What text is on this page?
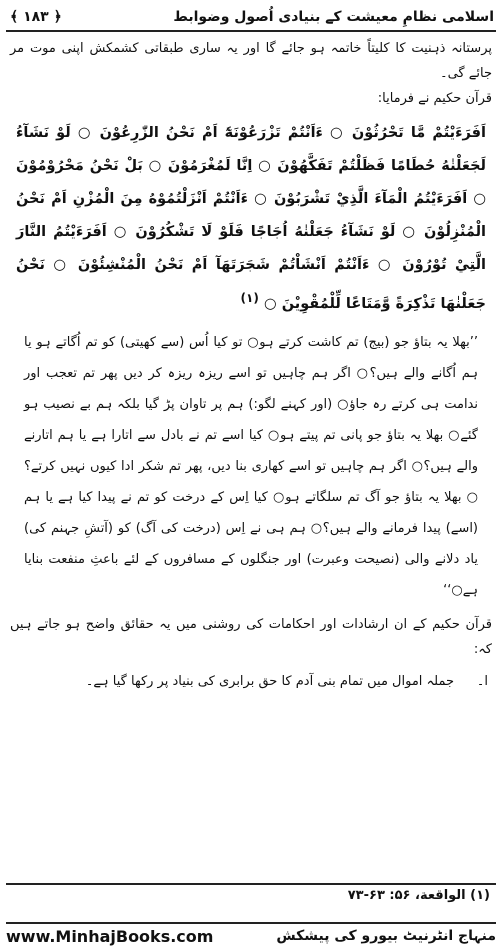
اسلامی نظامِ معیشت کے بنیادی اُصول وضوابط
﴿ ۱۸۳ ﴾

پرستانہ ذہنیت کا کلیتاً خاتمہ ہو جائے گا اور یہ ساری طبقاتی کشمکش اپنی موت مر جائے گی۔

قرآن حکیم نے فرمایا:

اَفَرَءَيْتُمْ مَّا تَحْرُثُوْنَ ○ ءَاَنْتُمْ تَزْرَعُوْنَهٗٓ اَمْ نَحْنُ الزّٰرِعُوْنَ ○ لَوْ نَشَآءُ لَجَعَلْنٰهُ حُطَامًا فَظَلْتُمْ تَفَكَّهُوْنَ ○ اِنَّا لَمُغْرَمُوْنَ ○ بَلْ نَحْنُ مَحْرُوْمُوْنَ ○ اَفَرَءَيْتُمُ الْمَآءَ الَّذِيْ تَشْرَبُوْنَ ○ ءَاَنْتُمْ اَنْزَلْتُمُوْهُ مِنَ الْمُزْنِ اَمْ نَحْنُ الْمُنْزِلُوْنَ ○ لَوْ نَشَآءُ جَعَلْنٰهُ اُجَاجًا فَلَوْ لَا تَشْكُرُوْنَ ○ اَفَرَءَيْتُمُ النَّارَ الَّتِيْ تُوْرُوْنَ ○ ءَاَنْتُمْ اَنْشَاْتُمْ شَجَرَتَهَآ اَمْ نَحْنُ الْمُنْشِئُوْنَ ○ نَحْنُ جَعَلْنٰهَا تَذْكِرَةً وَّمَتَاعًا لِّلْمُقْوِيْنَ ○ $^{(۱)}$

’’بھلا یہ بتاؤ جو (بیج) تم کاشت کرتے ہو○ تو کیا اُس (سے کھیتی) کو تم اُگاتے ہو یا ہم اُگانے والے ہیں؟○ اگر ہم چاہیں تو اسے ریزہ ریزہ کر دیں پھر تم تعجب اور ندامت ہی کرتے رہ جاؤ○ (اور کہنے لگو:) ہم پر تاوان پڑ گیا بلکہ ہم بے نصیب ہو گئے○ بھلا یہ بتاؤ جو پانی تم پیتے ہو○ کیا اسے تم نے بادل سے اتارا ہے یا ہم اتارنے والے ہیں؟○ اگر ہم چاہیں تو اسے کھاری بنا دیں، پھر تم شکر ادا کیوں نہیں کرتے؟○ بھلا یہ بتاؤ جو آگ تم سلگاتے ہو○ کیا اِس کے درخت کو تم نے پیدا کیا ہے یا ہم (اسے) پیدا فرمانے والے ہیں؟○ ہم ہی نے اِس (درخت کی آگ) کو (آتشِ جہنم کی) یاد دلانے والی (نصیحت وعبرت) اور جنگلوں کے مسافروں کے لئے باعثِ منفعت بنایا ہے○‘‘

قرآن حکیم کے ان ارشادات اور احکامات کی روشنی میں یہ حقائق واضح ہو جاتے ہیں کہ:

ا۔
جملہ اموال میں تمام بنی آدم کا حق برابری کی بنیاد پر رکھا گیا ہے۔
(۱) الواقعة، ۵۶: ۶۳-۷۳
www.MinhajBooks.com	منہاج انٹرنیٹ بیورو کی پیشکش
